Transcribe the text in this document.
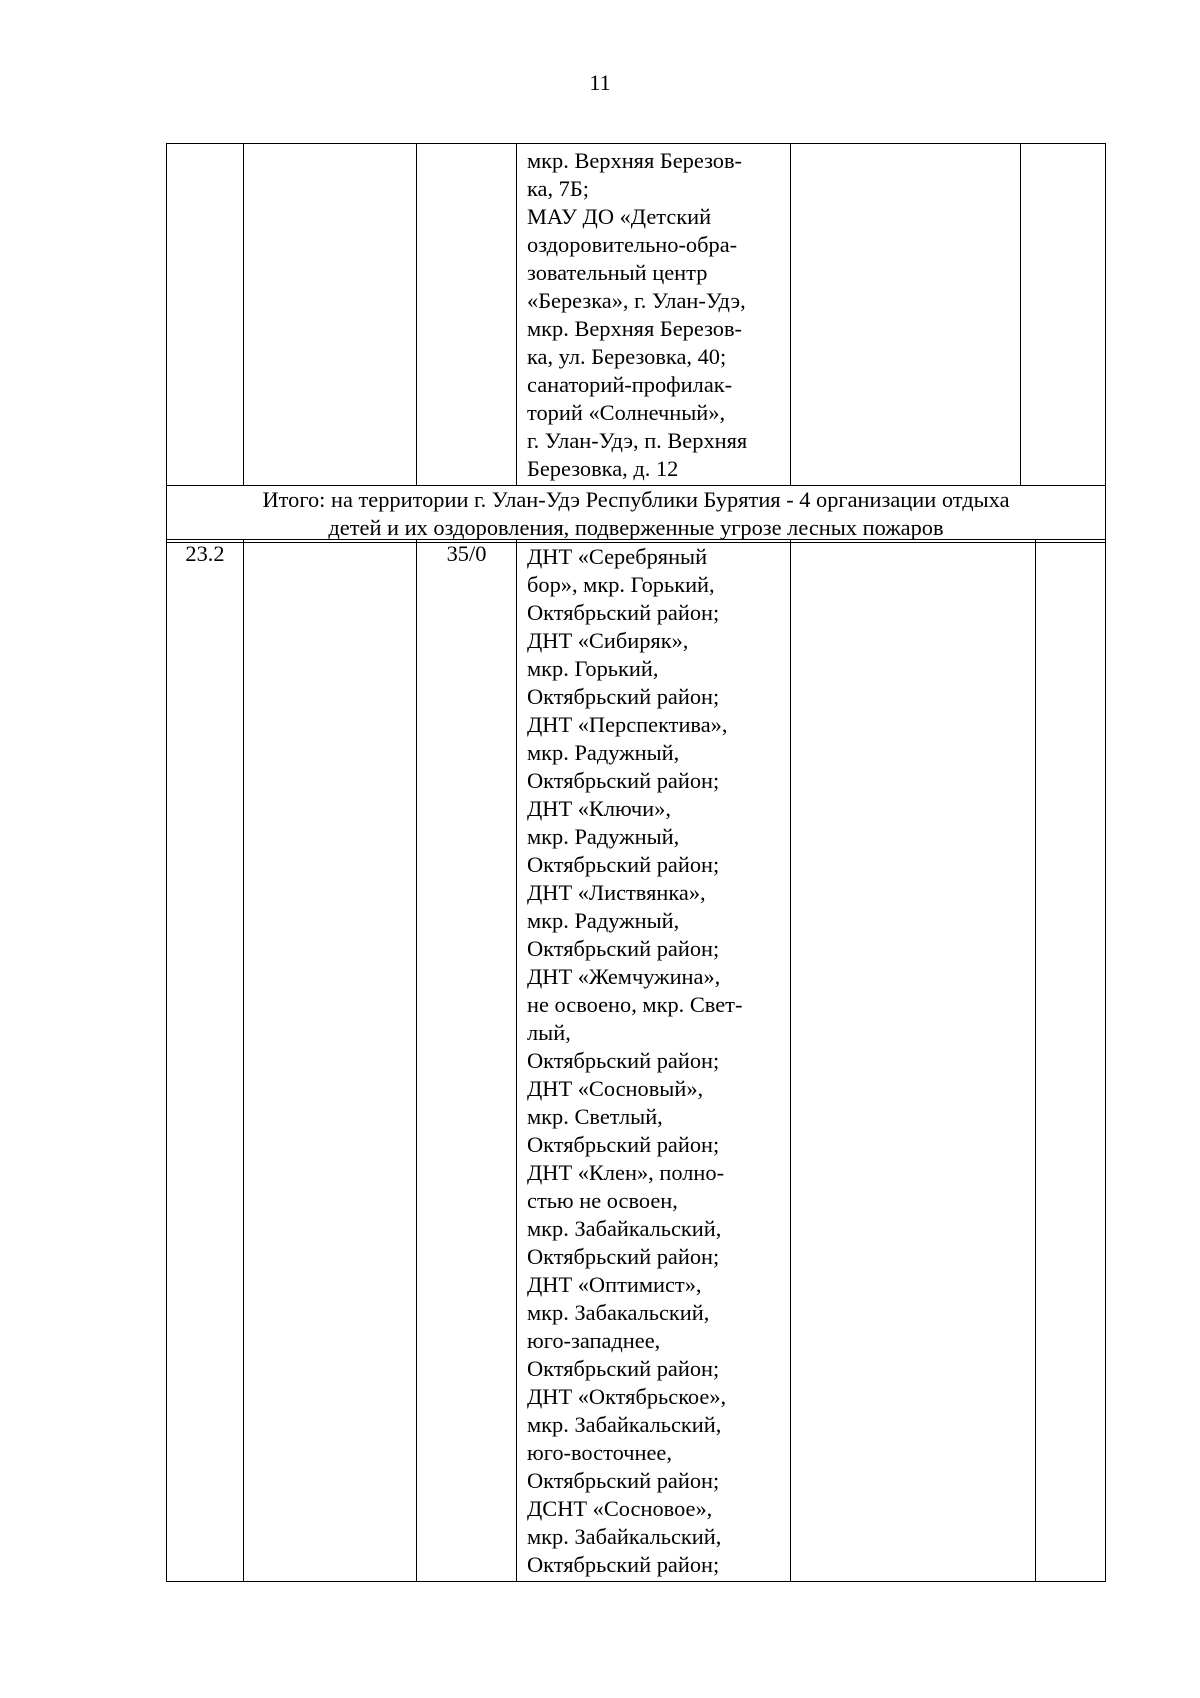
11

мкр. Верхняя Березов-
ка, 7Б;
МАУ ДО «Детский
оздоровительно-обра-
зовательный центр
«Березка», г. Улан-Удэ,
мкр. Верхняя Березов-
ка, ул. Березовка, 40;
санаторий-профилак-
торий «Солнечный»,
г. Улан-Удэ, п. Верхняя
Березовка, д. 12

Итого: на территории г. Улан-Удэ Республики Бурятия - 4 организации отдыха
детей и их оздоровления, подверженные угрозе лесных пожаров
23.2		35/0	ДНТ «Серебряный
бор», мкр. Горький,
Октябрьский район;
ДНТ «Сибиряк»,
мкр. Горький,
Октябрьский район;
ДНТ «Перспектива»,
мкр. Радужный,
Октябрьский район;
ДНТ «Ключи»,
мкр. Радужный,
Октябрьский район;
ДНТ «Листвянка»,
мкр. Радужный,
Октябрьский район;
ДНТ «Жемчужина»,
не освоено, мкр. Свет-
лый,
Октябрьский район;
ДНТ «Сосновый»,
мкр. Светлый,
Октябрьский район;
ДНТ «Клен», полно-
стью не освоен,
мкр. Забайкальский,
Октябрьский район;
ДНТ «Оптимист»,
мкр. Забакальский,
юго-западнее,
Октябрьский район;
ДНТ «Октябрьское»,
мкр. Забайкальский,
юго-восточнее,
Октябрьский район;
ДСНТ «Сосновое»,
мкр. Забайкальский,
Октябрьский район;
